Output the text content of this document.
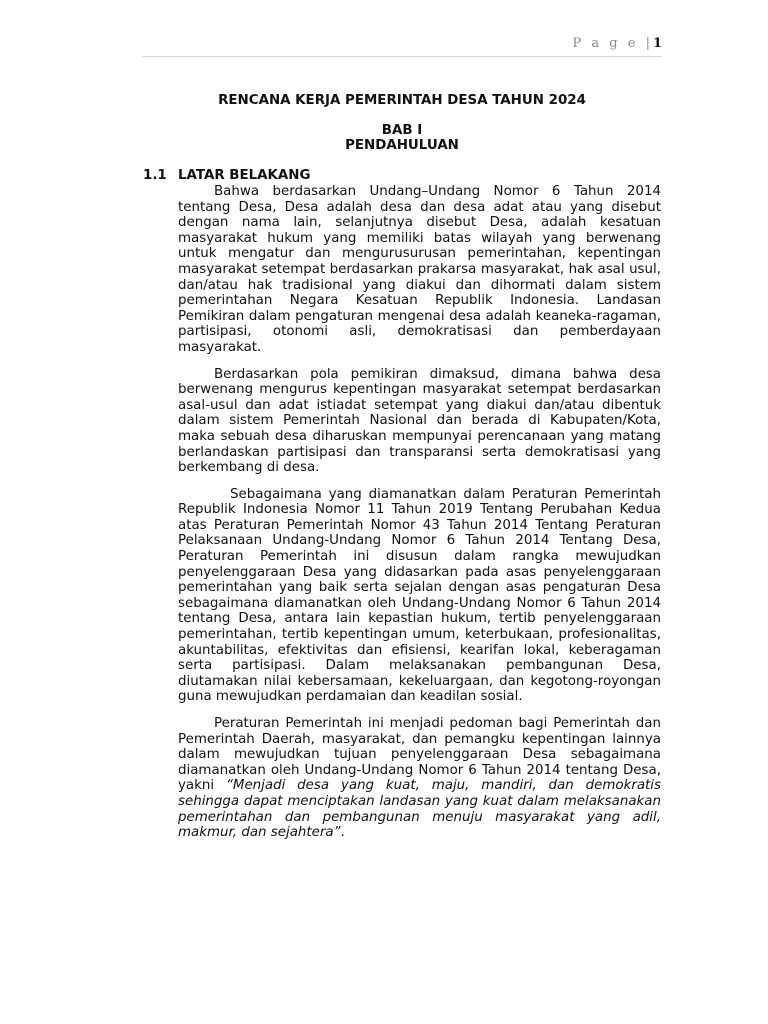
P a g e |1
RENCANA KERJA PEMERINTAH DESA TAHUN 2024
BAB I
PENDAHULUAN
1.1 LATAR BELAKANG

Bahwa berdasarkan Undang–Undang Nomor 6 Tahun 2014 tentang Desa, Desa adalah desa dan desa adat atau yang disebut dengan nama lain, selanjutnya disebut Desa, adalah kesatuan masyarakat hukum yang memiliki batas wilayah yang berwenang untuk mengatur dan mengurusurusan pemerintahan, kepentingan masyarakat setempat berdasarkan prakarsa masyarakat, hak asal usul, dan/atau hak tradisional yang diakui dan dihormati dalam sistem pemerintahan Negara Kesatuan Republik Indonesia. Landasan Pemikiran dalam pengaturan mengenai desa adalah keaneka-ragaman, partisipasi, otonomi asli, demokratisasi dan pemberdayaan masyarakat.

Berdasarkan pola pemikiran dimaksud, dimana bahwa desa berwenang mengurus kepentingan masyarakat setempat berdasarkan asal-usul dan adat istiadat setempat yang diakui dan/atau dibentuk dalam sistem Pemerintah Nasional dan berada di Kabupaten/Kota, maka sebuah desa diharuskan mempunyai perencanaan yang matang berlandaskan partisipasi dan transparansi serta demokratisasi yang berkembang di desa.

Sebagaimana yang diamanatkan dalam Peraturan Pemerintah Republik Indonesia Nomor 11 Tahun 2019 Tentang Perubahan Kedua atas Peraturan Pemerintah Nomor 43 Tahun 2014 Tentang Peraturan Pelaksanaan Undang-Undang Nomor 6 Tahun 2014 Tentang Desa, Peraturan Pemerintah ini disusun dalam rangka mewujudkan penyelenggaraan Desa yang didasarkan pada asas penyelenggaraan pemerintahan yang baik serta sejalan dengan asas pengaturan Desa sebagaimana diamanatkan oleh Undang-Undang Nomor 6 Tahun 2014 tentang Desa, antara lain kepastian hukum, tertib penyelenggaraan pemerintahan, tertib kepentingan umum, keterbukaan, profesionalitas, akuntabilitas, efektivitas dan efisiensi, kearifan lokal, keberagaman serta partisipasi. Dalam melaksanakan pembangunan Desa, diutamakan nilai kebersamaan, kekeluargaan, dan kegotong-royongan guna mewujudkan perdamaian dan keadilan sosial.

Peraturan Pemerintah ini menjadi pedoman bagi Pemerintah dan Pemerintah Daerah, masyarakat, dan pemangku kepentingan lainnya dalam mewujudkan tujuan penyelenggaraan Desa sebagaimana diamanatkan oleh Undang-Undang Nomor 6 Tahun 2014 tentang Desa, yakni “Menjadi desa yang kuat, maju, mandiri, dan demokratis sehingga dapat menciptakan landasan yang kuat dalam melaksanakan pemerintahan dan pembangunan menuju masyarakat yang adil, makmur, dan sejahtera”.
